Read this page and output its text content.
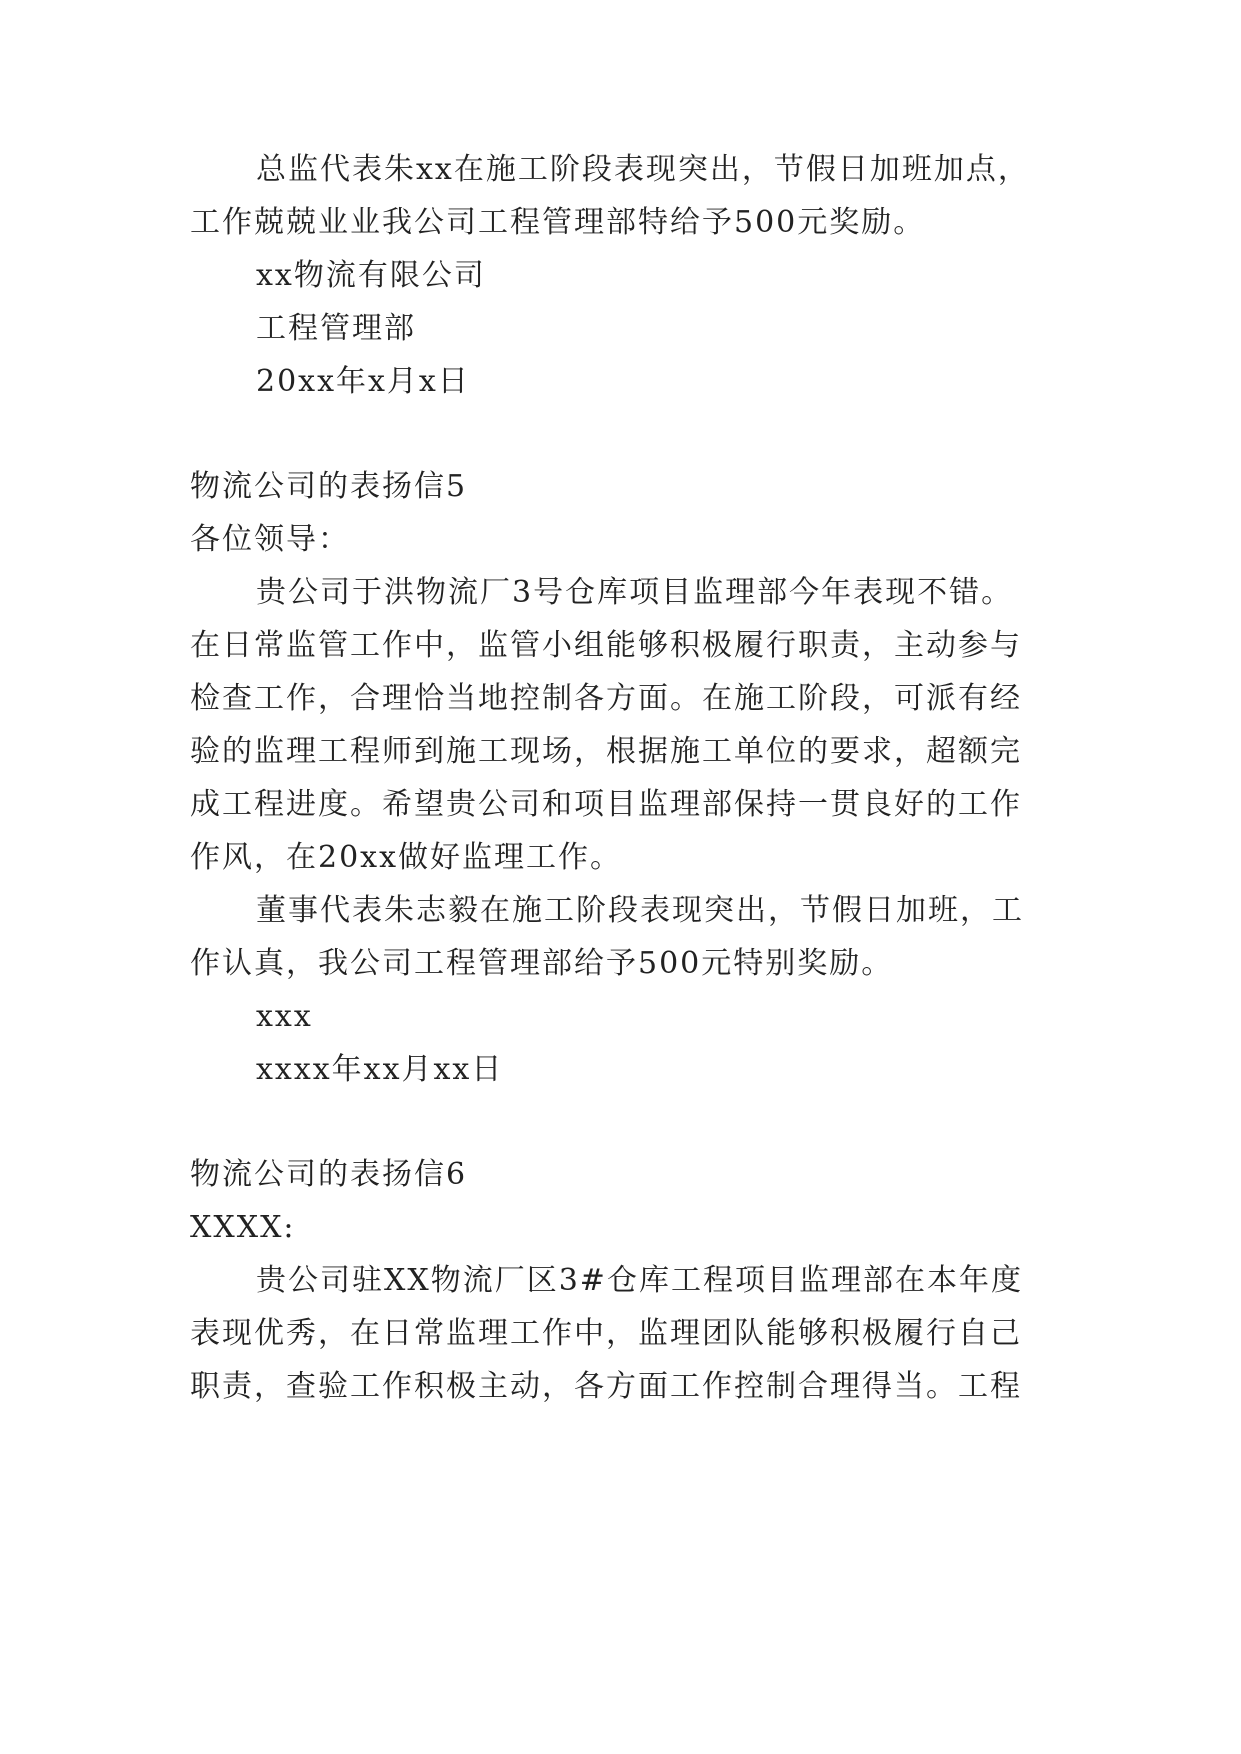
总监代表朱xx在施工阶段表现突出，节假日加班加点，
工作兢兢业业我公司工程管理部特给予500元奖励。
xx物流有限公司
工程管理部
20xx年x月x日
物流公司的表扬信5
各位领导：
贵公司于洪物流厂3号仓库项目监理部今年表现不错。
在日常监管工作中，监管小组能够积极履行职责，主动参与
检查工作，合理恰当地控制各方面。在施工阶段，可派有经
验的监理工程师到施工现场，根据施工单位的要求，超额完
成工程进度。希望贵公司和项目监理部保持一贯良好的工作
作风，在20xx做好监理工作。
董事代表朱志毅在施工阶段表现突出，节假日加班，工
作认真，我公司工程管理部给予500元特别奖励。
xxx
xxxx年xx月xx日
物流公司的表扬信6
XXXX:
贵公司驻XX物流厂区3#仓库工程项目监理部在本年度
表现优秀，在日常监理工作中，监理团队能够积极履行自己
职责，查验工作积极主动，各方面工作控制合理得当。工程
